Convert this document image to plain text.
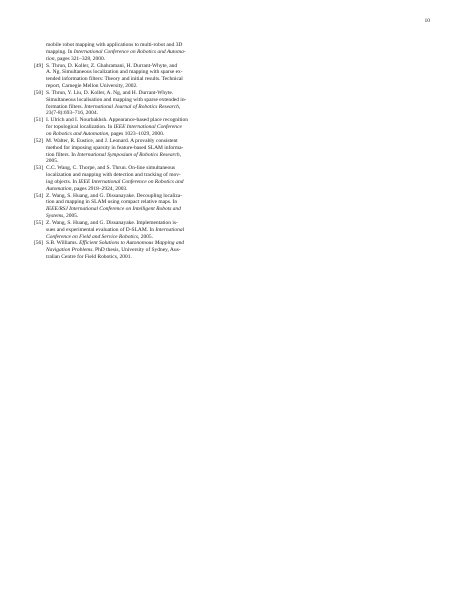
10
mobile robot mapping with applications to multi-robot and 3D
mapping. In International Conference on Robotics and Automa-
tion, pages 321–328, 2000.
[49] S. Thrun, D. Koller, Z. Ghahramani, H. Durrant-Whyte, and
A. Ng. Simultaneous localization and mapping with sparse ex-
tended information filters: Theory and initial results. Technical
report, Carnegie Mellon University, 2002.
[50] S. Thrun, Y. Liu, D. Koller, A. Ng, and H. Durrant-Whyte.
Simultaneous localisation and mapping with sparse extended in-
formation filters. International Journal of Robotics Research,
23(7-8):693–716, 2004.
[51] I. Ulrich and I. Nourbakhsh. Appearance-based place recognition
for topological localization. In IEEE International Conference
on Robotics and Automation, pages 1023–1029, 2000.
[52] M. Walter, R. Eustice, and J. Leonard. A provably consistent
method for imposing sparsity in feature-based SLAM informa-
tion filters. In International Symposium of Robotics Research,
2005.
[53] C.C. Wang, C. Thorpe, and S. Thrun. On-line simultaneous
localization and mapping with detection and tracking of mov-
ing objects. In IEEE International Conference on Robotics and
Automation, pages 2918–2924, 2003.
[54] Z. Wang, S. Huang, and G. Dissanayake. Decoupling localiza-
tion and mapping in SLAM using compact relative maps. In
IEEE/RSJ International Conference on Intelligent Robots and
Systems, 2005.
[55] Z. Wang, S. Huang, and G. Dissanayake. Implementation is-
sues and experimental evaluation of D-SLAM. In International
Conference on Field and Service Robotics, 2005.
[56] S.B. Williams. Efficient Solutions to Autonomous Mapping and
Navigation Problems. PhD thesis, University of Sydney, Aus-
tralian Centre for Field Robotics, 2001.
